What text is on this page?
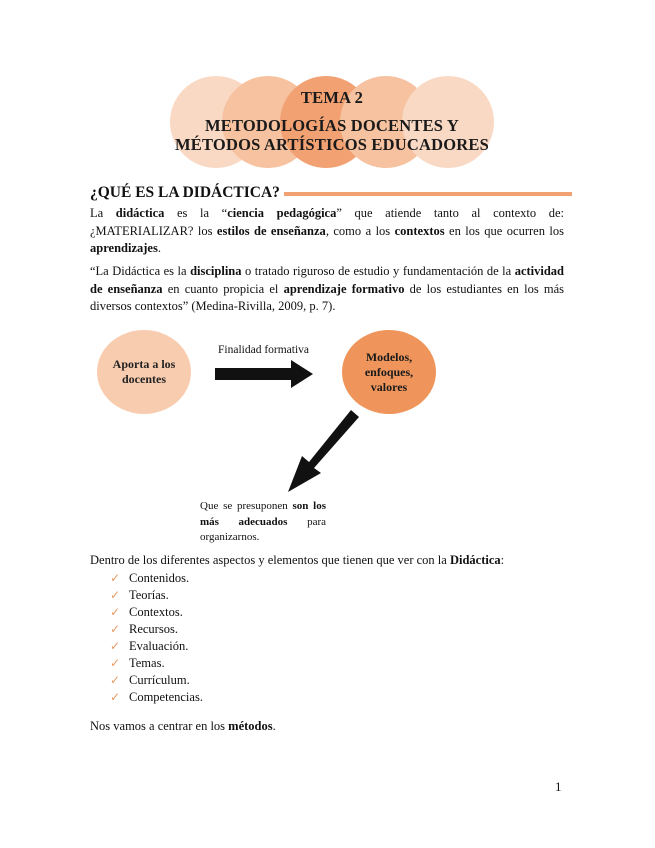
TEMA 2
METODOLOGÍAS DOCENTES Y
MÉTODOS ARTÍSTICOS EDUCADORES
¿QUÉ ES LA DIDÁCTICA?
La didáctica es la “ciencia pedagógica” que atiende tanto al contexto de: ¿MATERIALIZAR? los estilos de enseñanza, como a los contextos en los que ocurren los aprendizajes.
“La Didáctica es la disciplina o tratado riguroso de estudio y fundamentación de la actividad de enseñanza en cuanto propicia el aprendizaje formativo de los estudiantes en los más diversos contextos” (Medina-Rivilla, 2009, p. 7).
Aporta a los docentes
Finalidad formativa	Modelos, enfoques, valores
Que se presuponen son los más adecuados para organizarnos.
Dentro de los diferentes aspectos y elementos que tienen que ver con la Didáctica:
✓ Contenidos.
✓ Teorías.
✓ Contextos.
✓ Recursos.
✓ Evaluación.
✓ Temas.
✓ Currículum.
✓ Competencias.
Nos vamos a centrar en los métodos.
1
